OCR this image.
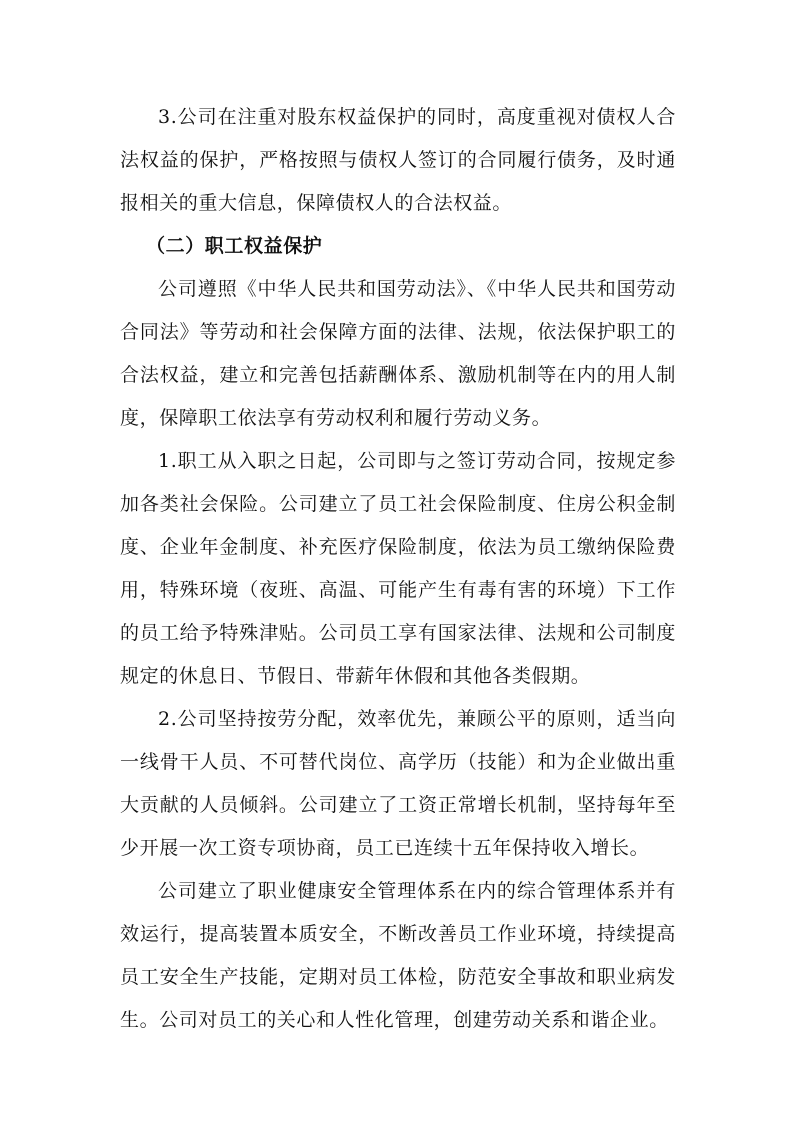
3.公司在注重对股东权益保护的同时，高度重视对债权人合法权益的保护，严格按照与债权人签订的合同履行债务，及时通报相关的重大信息，保障债权人的合法权益。

（二）职工权益保护

公司遵照《中华人民共和国劳动法》、《中华人民共和国劳动合同法》等劳动和社会保障方面的法律、法规，依法保护职工的合法权益，建立和完善包括薪酬体系、激励机制等在内的用人制度，保障职工依法享有劳动权利和履行劳动义务。

1.职工从入职之日起，公司即与之签订劳动合同，按规定参加各类社会保险。公司建立了员工社会保险制度、住房公积金制度、企业年金制度、补充医疗保险制度，依法为员工缴纳保险费用，特殊环境（夜班、高温、可能产生有毒有害的环境）下工作的员工给予特殊津贴。公司员工享有国家法律、法规和公司制度规定的休息日、节假日、带薪年休假和其他各类假期。

2.公司坚持按劳分配，效率优先，兼顾公平的原则，适当向一线骨干人员、不可替代岗位、高学历（技能）和为企业做出重大贡献的人员倾斜。公司建立了工资正常增长机制，坚持每年至少开展一次工资专项协商，员工已连续十五年保持收入增长。

公司建立了职业健康安全管理体系在内的综合管理体系并有效运行，提高装置本质安全，不断改善员工作业环境，持续提高员工安全生产技能，定期对员工体检，防范安全事故和职业病发生。公司对员工的关心和人性化管理，创建劳动关系和谐企业。
